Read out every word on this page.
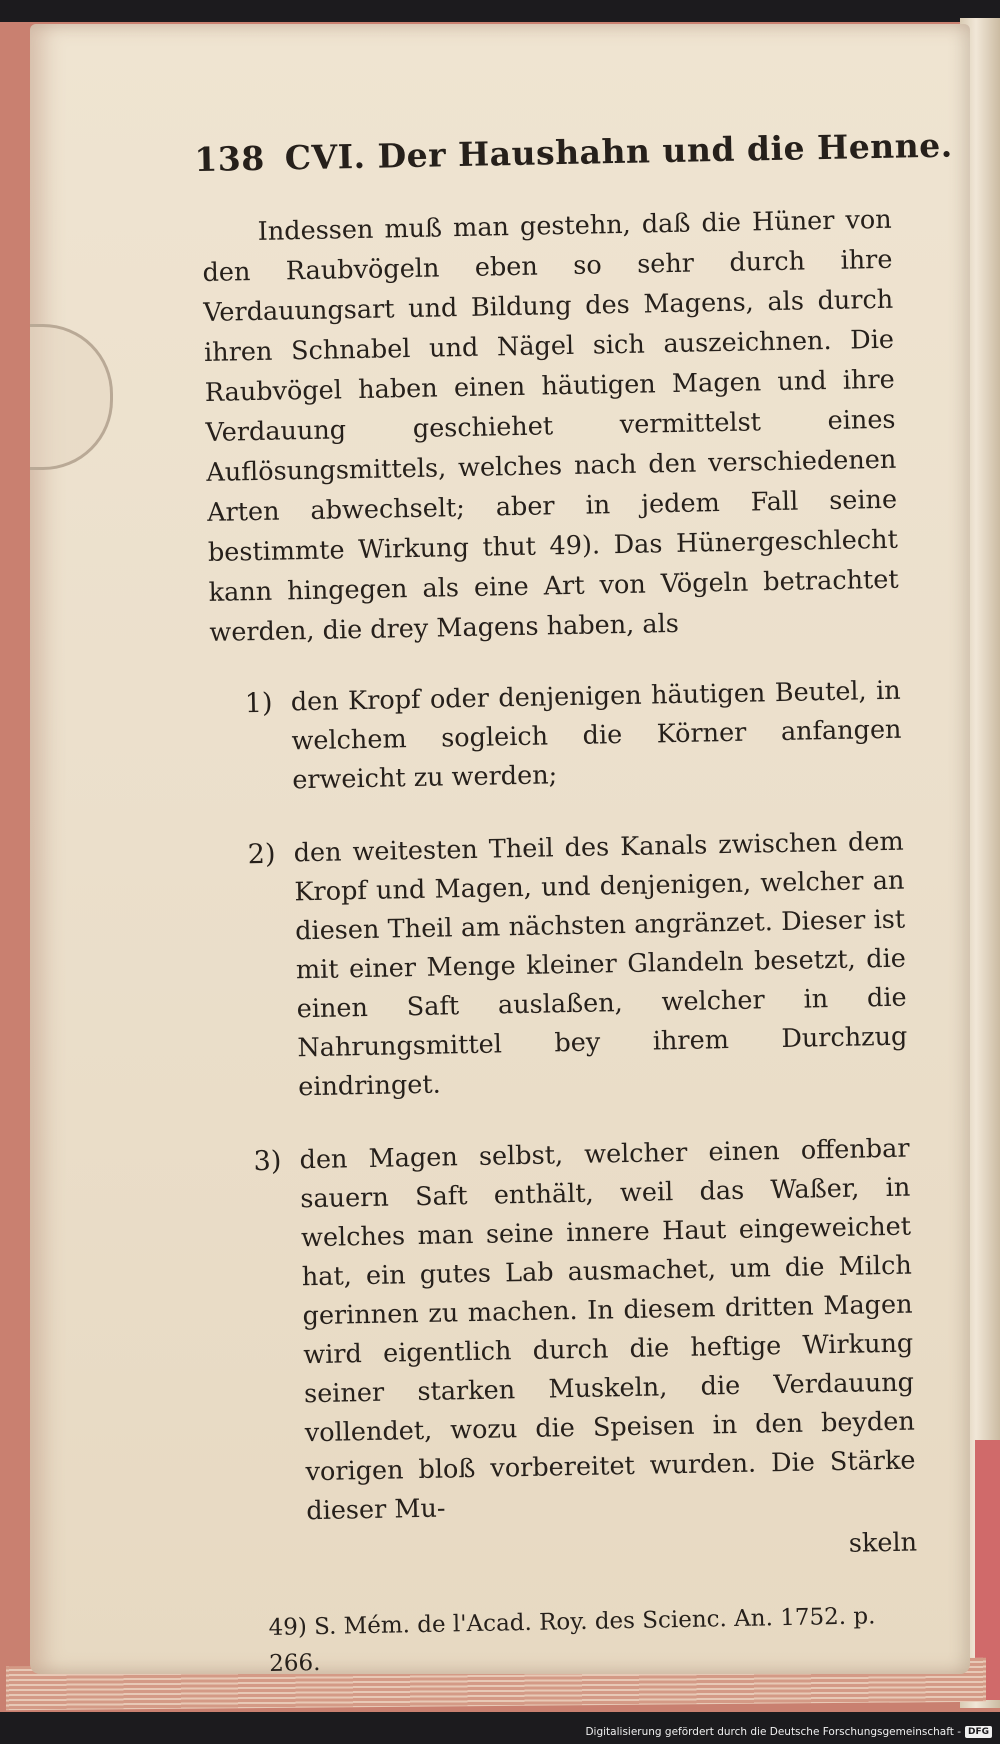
138 CVI. Der Haushahn und die Henne.

Indessen muß man gestehn, daß die Hüner von den Raubvögeln eben so sehr durch ihre Verdauungsart und Bildung des Magens, als durch ihren Schnabel und Nägel sich auszeichnen. Die Raubvögel haben einen häutigen Magen und ihre Verdauung geschiehet vermittelst eines Auflösungsmittels, welches nach den verschiedenen Arten abwechselt; aber in jedem Fall seine bestimmte Wirkung thut 49). Das Hünergeschlecht kann hingegen als eine Art von Vögeln betrachtet werden, die drey Magens haben, als

1) den Kropf oder denjenigen häutigen Beutel, in welchem sogleich die Körner anfangen erweicht zu werden;
2) den weitesten Theil des Kanals zwischen dem Kropf und Magen, und denjenigen, welcher an diesen Theil am nächsten angränzet. Dieser ist mit einer Menge kleiner Glandeln besetzt, die einen Saft auslaßen, welcher in die Nahrungsmittel bey ihrem Durchzug eindringet.
3) den Magen selbst, welcher einen offenbar sauern Saft enthält, weil das Waßer, in welches man seine innere Haut eingeweichet hat, ein gutes Lab ausmachet, um die Milch gerinnen zu machen. In diesem dritten Magen wird eigentlich durch die heftige Wirkung seiner starken Muskeln, die Verdauung vollendet, wozu die Speisen in den beyden vorigen bloß vorbereitet wurden. Die Stärke dieser Mu-
skeln
49) S. Mém. de l'Acad. Roy. des Scienc. An. 1752. p. 266.
Digitalisierung gefördert durch die Deutsche Forschungsgemeinschaft - DFG
